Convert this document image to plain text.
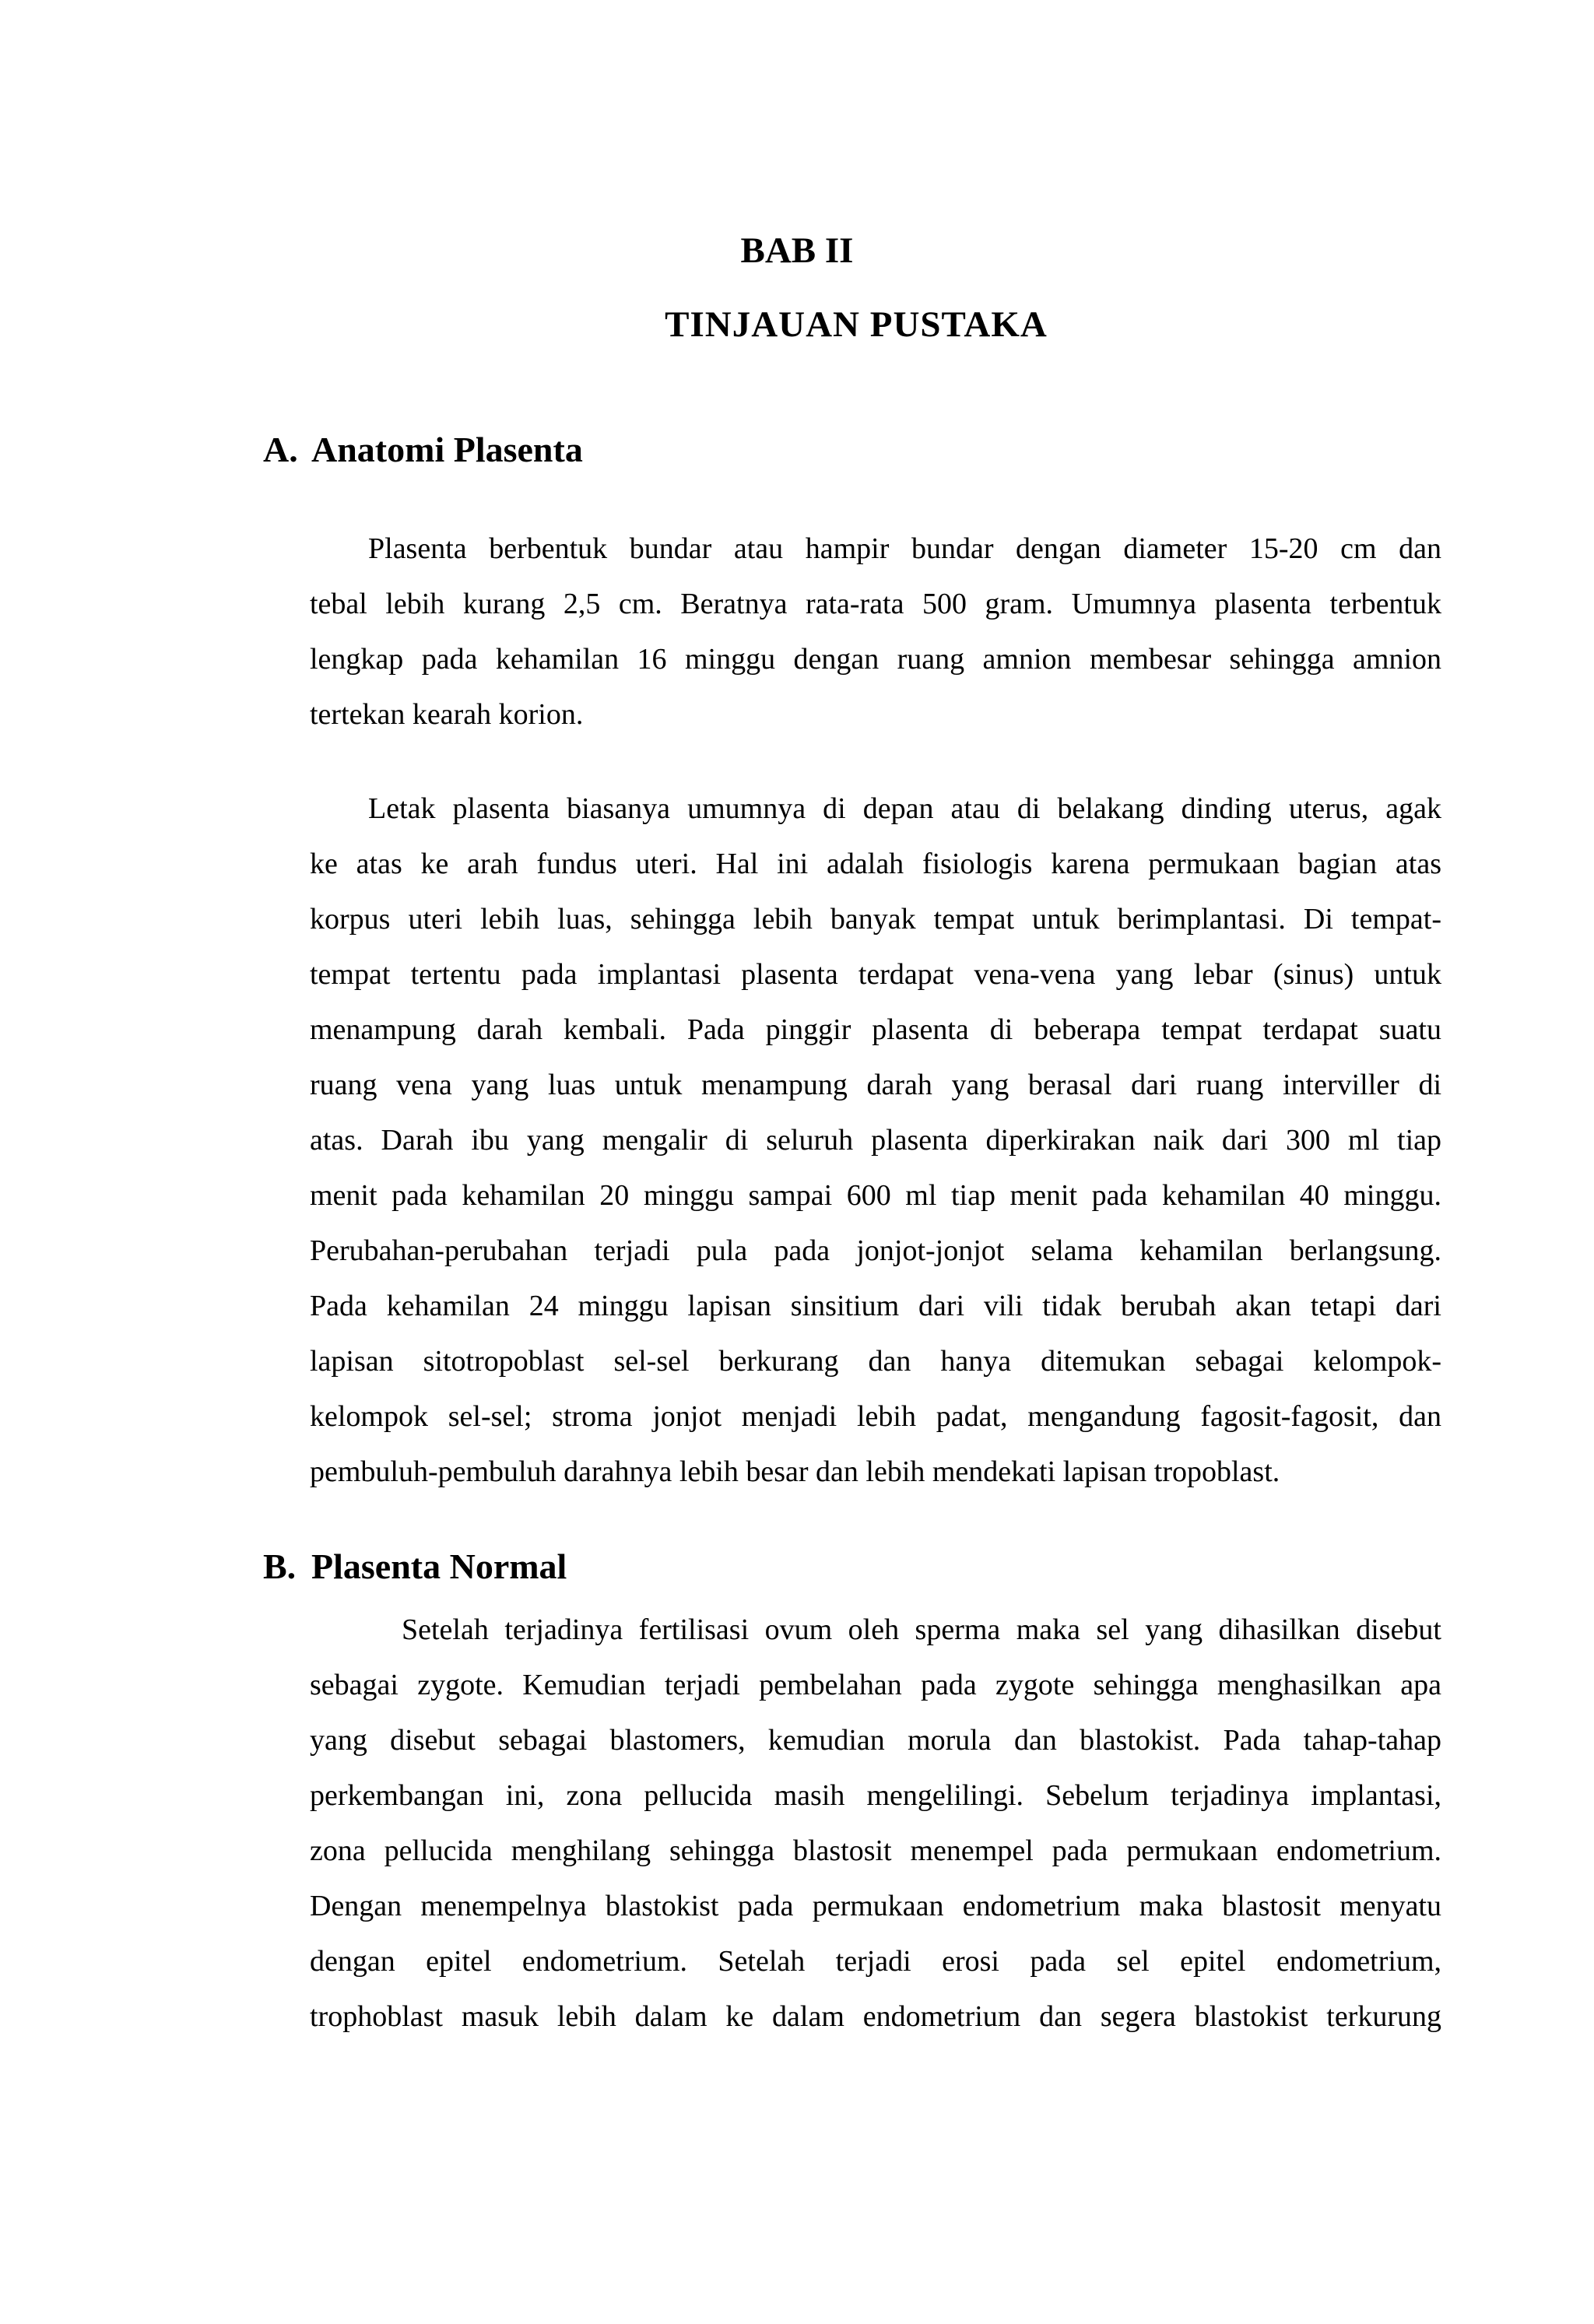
BAB II
TINJAUAN PUSTAKA
A. Anatomi Plasenta
Plasenta berbentuk bundar atau hampir bundar dengan diameter 15-20 cm dan
tebal lebih kurang 2,5 cm. Beratnya rata-rata 500 gram. Umumnya plasenta terbentuk
lengkap pada kehamilan 16 minggu dengan ruang amnion membesar sehingga amnion
tertekan kearah korion.
Letak plasenta biasanya umumnya di depan atau di belakang dinding uterus, agak
ke atas ke arah fundus uteri. Hal ini adalah fisiologis karena permukaan bagian atas
korpus uteri lebih luas, sehingga lebih banyak tempat untuk berimplantasi. Di tempat-
tempat tertentu pada implantasi plasenta terdapat vena-vena yang lebar (sinus) untuk
menampung darah kembali. Pada pinggir plasenta di beberapa tempat terdapat suatu
ruang vena yang luas untuk menampung darah yang berasal dari ruang interviller di
atas. Darah ibu yang mengalir di seluruh plasenta diperkirakan naik dari 300 ml tiap
menit pada kehamilan 20 minggu sampai 600 ml tiap menit pada kehamilan 40 minggu.
Perubahan-perubahan terjadi pula pada jonjot-jonjot selama kehamilan berlangsung.
Pada kehamilan 24 minggu lapisan sinsitium dari vili tidak berubah akan tetapi dari
lapisan sitotropoblast sel-sel berkurang dan hanya ditemukan sebagai kelompok-
kelompok sel-sel; stroma jonjot menjadi lebih padat, mengandung fagosit-fagosit, dan
pembuluh-pembuluh darahnya lebih besar dan lebih mendekati lapisan tropoblast.
B. Plasenta Normal
Setelah terjadinya fertilisasi ovum oleh sperma maka sel yang dihasilkan disebut
sebagai zygote. Kemudian terjadi pembelahan pada zygote sehingga menghasilkan apa
yang disebut sebagai blastomers, kemudian morula dan blastokist. Pada tahap-tahap
perkembangan ini, zona pellucida masih mengelilingi. Sebelum terjadinya implantasi,
zona pellucida menghilang sehingga blastosit menempel pada permukaan endometrium.
Dengan menempelnya blastokist pada permukaan endometrium maka blastosit menyatu
dengan epitel endometrium. Setelah terjadi erosi pada sel epitel endometrium,
trophoblast masuk lebih dalam ke dalam endometrium dan segera blastokist terkurung
